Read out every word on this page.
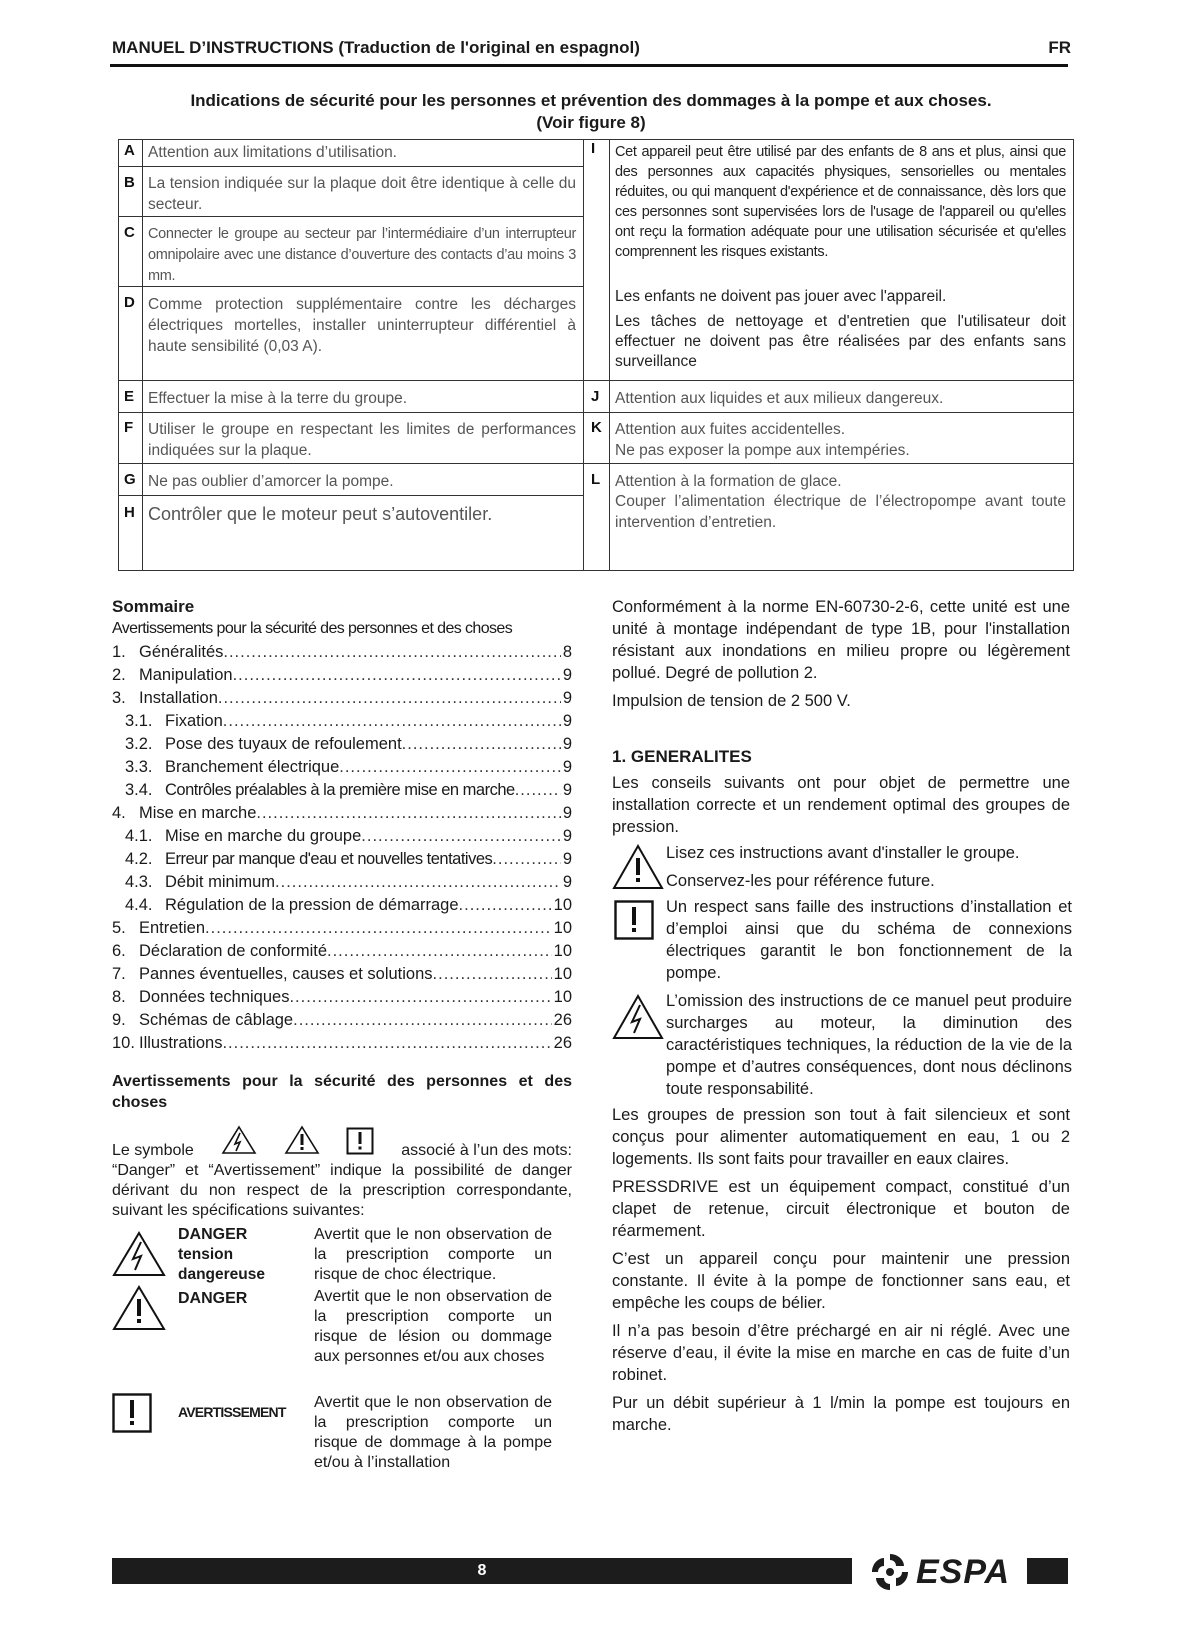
MANUEL D’INSTRUCTIONS (Traduction de l'original en espagnol)	FR
Indications de sécurité pour les personnes et prévention des dommages à la pompe et aux choses.
(Voir figure 8)
A Attention aux limitations d’utilisation.
B La tension indiquée sur la plaque doit être identique à celle du secteur.
C Connecter le groupe au secteur par l’intermédiaire d’un interrupteur omnipolaire avec une distance d’ouverture des contacts d’au moins 3 mm.
D Comme protection supplémentaire contre les décharges électriques mortelles, installer uninterrupteur différentiel à haute sensibilité (0,03 A).
E Effectuer la mise à la terre du groupe.
F Utiliser le groupe en respectant les limites de performances indiquées sur la plaque.
G Ne pas oublier d’amorcer la pompe.
H Contrôler que le moteur peut s’autoventiler.
I Cet appareil peut être utilisé par des enfants de 8 ans et plus, ainsi que des personnes aux capacités physiques, sensorielles ou mentales réduites, ou qui manquent d'expérience et de connaissance, dès lors que ces personnes sont supervisées lors de l'usage de l'appareil ou qu'elles ont reçu la formation adéquate pour une utilisation sécurisée et qu'elles comprennent les risques existants.
Les enfants ne doivent pas jouer avec l'appareil.
Les tâches de nettoyage et d'entretien que l'utilisateur doit effectuer ne doivent pas être réalisées par des enfants sans surveillance
J Attention aux liquides et aux milieux dangereux.
K Attention aux fuites accidentelles.
Ne pas exposer la pompe aux intempéries.
L Attention à la formation de glace.
Couper l’alimentation électrique de l’électropompe avant toute intervention d’entretien.
Sommaire
Avertissements pour la sécurité des personnes et des choses
1. Généralités .....	8
2. Manipulation .....	9
3. Installation .....	9
3.1. Fixation .....	9
3.2. Pose des tuyaux de refoulement .....	9
3.3. Branchement électrique .....	9
3.4. Contrôles préalables à la première mise en marche .....	9
4. Mise en marche .....	9
4.1. Mise en marche du groupe .....	9
4.2. Erreur par manque d'eau et nouvelles tentatives .....	9
4.3. Débit minimum .....	9
4.4. Régulation de la pression de démarrage .....	10
5. Entretien .....	10
6. Déclaration de conformité .....	10
7. Pannes éventuelles, causes et solutions .....	10
8. Données techniques .....	10
9. Schémas de câblage .....	26
10. Illustrations .....	26
Avertissements pour la sécurité des personnes et des choses
Le symbole	associé à l’un des mots:
“Danger” et “Avertissement” indique la possibilité de danger dérivant du non respect de la prescription correspondante, suivant les spécifications suivantes:
DANGER
tension dangereuse
Avertit que le non observation de la prescription comporte un risque de choc électrique.
DANGER	Avertit que le non observation de la prescription comporte un risque de lésion ou dommage aux personnes et/ou aux choses
AVERTISSEMENT
Avertit que le non observation de la prescription comporte un risque de dommage à la pompe et/ou à l’installation
Conformément à la norme EN-60730-2-6, cette unité est une unité à montage indépendant de type 1B, pour l'installation résistant aux inondations en milieu propre ou légèrement pollué. Degré de pollution 2.
Impulsion de tension de 2 500 V.
1. GENERALITES
Les conseils suivants ont pour objet de permettre une installation correcte et un rendement optimal des groupes de pression.
Lisez ces instructions avant d'installer le groupe.
Conservez-les pour référence future.
Un respect sans faille des instructions d’installation et d’emploi ainsi que du schéma de connexions électriques garantit le bon fonctionnement de la pompe.
L’omission des instructions de ce manuel peut produire surcharges au moteur, la diminution des caractéristiques techniques, la réduction de la vie de la pompe et d’autres conséquences, dont nous déclinons toute responsabilité.
Les groupes de pression son tout à fait silencieux et sont conçus pour alimenter automatiquement en eau, 1 ou 2 logements. Ils sont faits pour travailler en eaux claires.
PRESSDRIVE est un équipement compact, constitué d’un clapet de retenue, circuit électronique et bouton de réarmement.
C’est un appareil conçu pour maintenir une pression constante. Il évite à la pompe de fonctionner sans eau, et empêche les coups de bélier.
Il n’a pas besoin d’être préchargé en air ni réglé. Avec une réserve d’eau, il évite la mise en marche en cas de fuite d’un robinet.
Pur un débit supérieur à 1 l/min la pompe est toujours en marche.
8	ESPA
